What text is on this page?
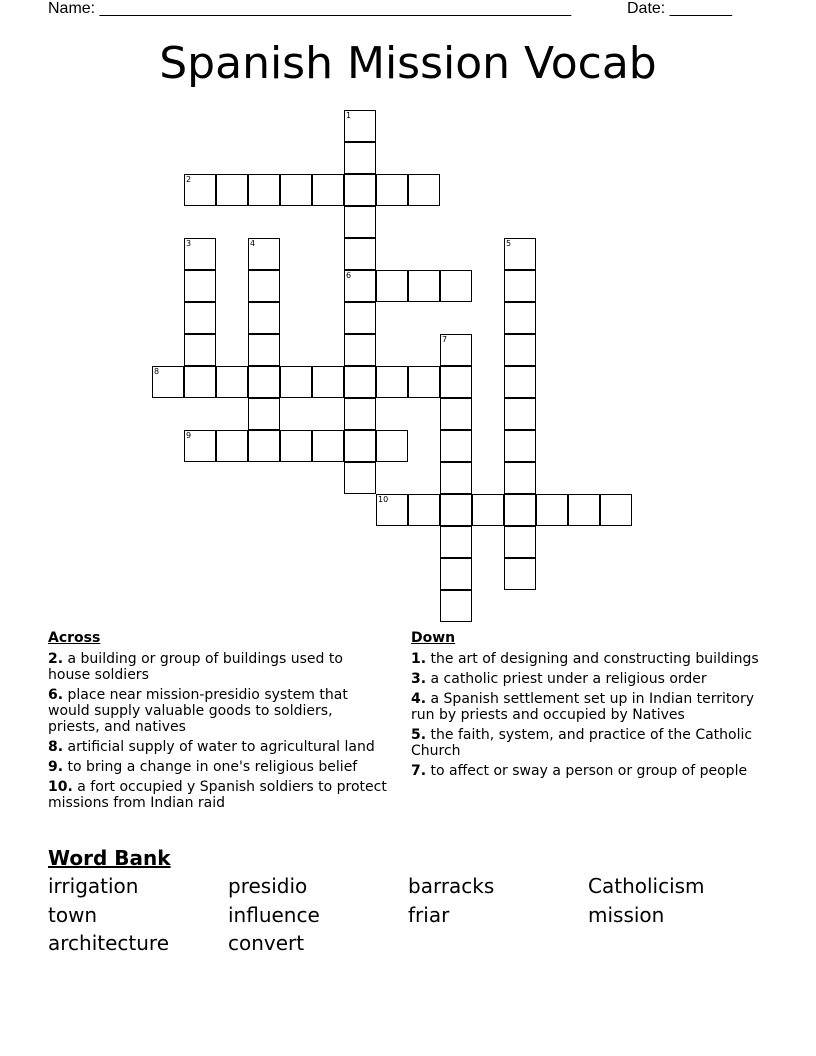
Name: _____________________________________________________	Date: _______
Spanish Mission Vocab
1
6
2
3	4	5
7
8
9
10
Across
2. a building or group of buildings used to house soldiers
6. place near mission-presidio system that would supply valuable goods to soldiers, priests, and natives
8. artificial supply of water to agricultural land
9. to bring a change in one's religious belief
10. a fort occupied y Spanish soldiers to protect missions from Indian raid
Down
1. the art of designing and constructing buildings
3. a catholic priest under a religious order
4. a Spanish settlement set up in Indian territory run by priests and occupied by Natives
5. the faith, system, and practice of the Catholic Church
7. to affect or sway a person or group of people
Word Bank
irrigation	presidio	barracks	Catholicism
town	influence	friar	mission
architecture	convert
